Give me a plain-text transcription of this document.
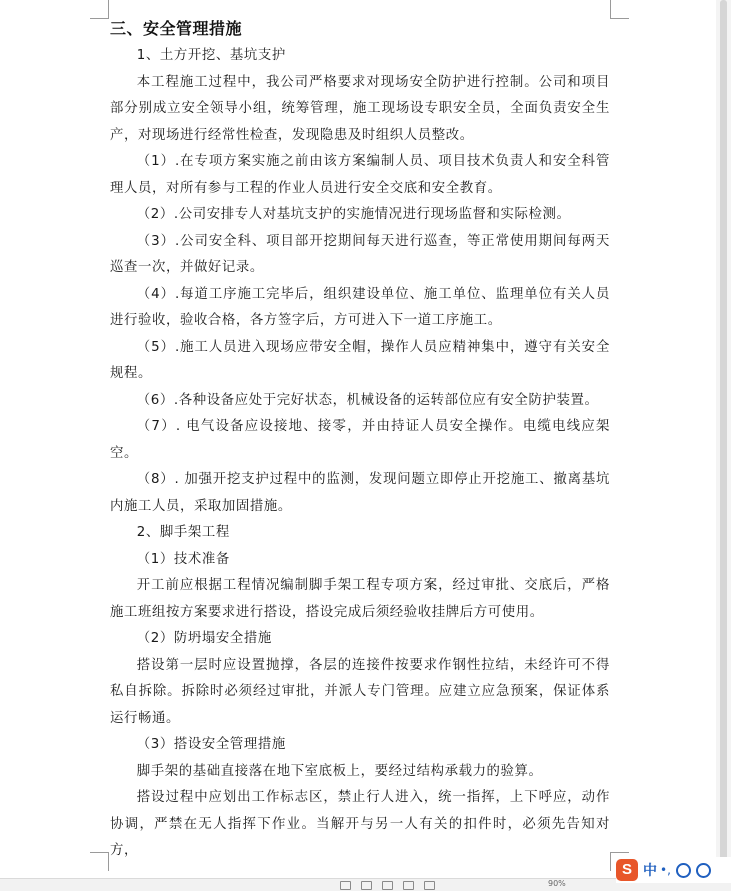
三、安全管理措施

1、土方开挖、基坑支护

本工程施工过程中，我公司严格要求对现场安全防护进行控制。公司和项目部分别成立安全领导小组，统筹管理，施工现场设专职安全员，全面负责安全生产，对现场进行经常性检查，发现隐患及时组织人员整改。

（1）.在专项方案实施之前由该方案编制人员、项目技术负责人和安全科管理人员，对所有参与工程的作业人员进行安全交底和安全教育。

（2）.公司安排专人对基坑支护的实施情况进行现场监督和实际检测。

（3）.公司安全科、项目部开挖期间每天进行巡查，等正常使用期间每两天巡查一次，并做好记录。

（4）.每道工序施工完毕后，组织建设单位、施工单位、监理单位有关人员进行验收，验收合格，各方签字后，方可进入下一道工序施工。

（5）.施工人员进入现场应带安全帽，操作人员应精神集中，遵守有关安全规程。

（6）.各种设备应处于完好状态，机械设备的运转部位应有安全防护装置。

（7）. 电气设备应设接地、接零，并由持证人员安全操作。电缆电线应架空。

（8）. 加强开挖支护过程中的监测，发现问题立即停止开挖施工、撤离基坑内施工人员，采取加固措施。

2、脚手架工程

（1）技术准备

开工前应根据工程情况编制脚手架工程专项方案，经过审批、交底后，严格施工班组按方案要求进行搭设，搭设完成后须经验收挂牌后方可使用。

（2）防坍塌安全措施

搭设第一层时应设置抛撑，各层的连接件按要求作钢性拉结，未经许可不得私自拆除。拆除时必须经过审批，并派人专门管理。应建立应急预案，保证体系运行畅通。

（3）搭设安全管理措施

脚手架的基础直接落在地下室底板上，要经过结构承载力的验算。

搭设过程中应划出工作标志区，禁止行人进入，统一指挥，上下呼应，动作协调，严禁在无人指挥下作业。当解开与另一人有关的扣件时，必须先告知对方，

90%
S 中 •,
